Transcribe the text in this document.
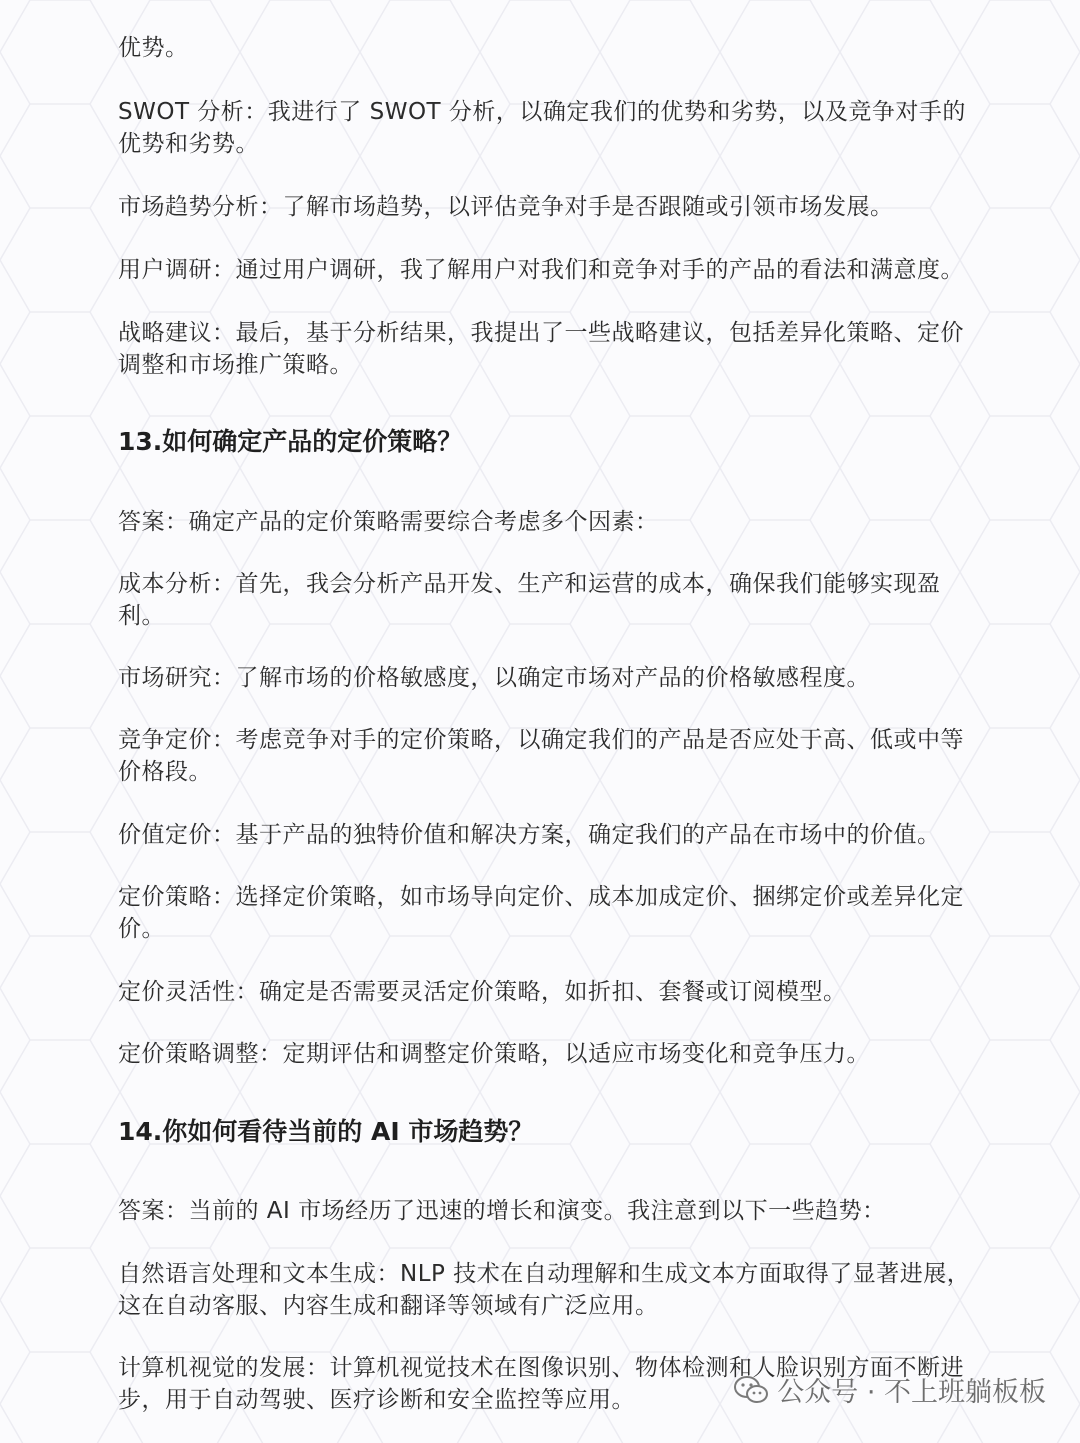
优势。

SWOT 分析：我进行了 SWOT 分析，以确定我们的优势和劣势，以及竞争对手的优势和劣势。

市场趋势分析：了解市场趋势，以评估竞争对手是否跟随或引领市场发展。

用户调研：通过用户调研，我了解用户对我们和竞争对手的产品的看法和满意度。

战略建议：最后，基于分析结果，我提出了一些战略建议，包括差异化策略、定价调整和市场推广策略。

13.如何确定产品的定价策略？

答案：确定产品的定价策略需要综合考虑多个因素：

成本分析：首先，我会分析产品开发、生产和运营的成本，确保我们能够实现盈利。

市场研究：了解市场的价格敏感度，以确定市场对产品的价格敏感程度。

竞争定价：考虑竞争对手的定价策略，以确定我们的产品是否应处于高、低或中等价格段。

价值定价：基于产品的独特价值和解决方案，确定我们的产品在市场中的价值。

定价策略：选择定价策略，如市场导向定价、成本加成定价、捆绑定价或差异化定价。

定价灵活性：确定是否需要灵活定价策略，如折扣、套餐或订阅模型。

定价策略调整：定期评估和调整定价策略，以适应市场变化和竞争压力。

14.你如何看待当前的 AI 市场趋势？

答案：当前的 AI 市场经历了迅速的增长和演变。我注意到以下一些趋势：

自然语言处理和文本生成：NLP 技术在自动理解和生成文本方面取得了显著进展，这在自动客服、内容生成和翻译等领域有广泛应用。

计算机视觉的发展：计算机视觉技术在图像识别、物体检测和人脸识别方面不断进步，用于自动驾驶、医疗诊断和安全监控等应用。	公众号 · 不上班躺板板
